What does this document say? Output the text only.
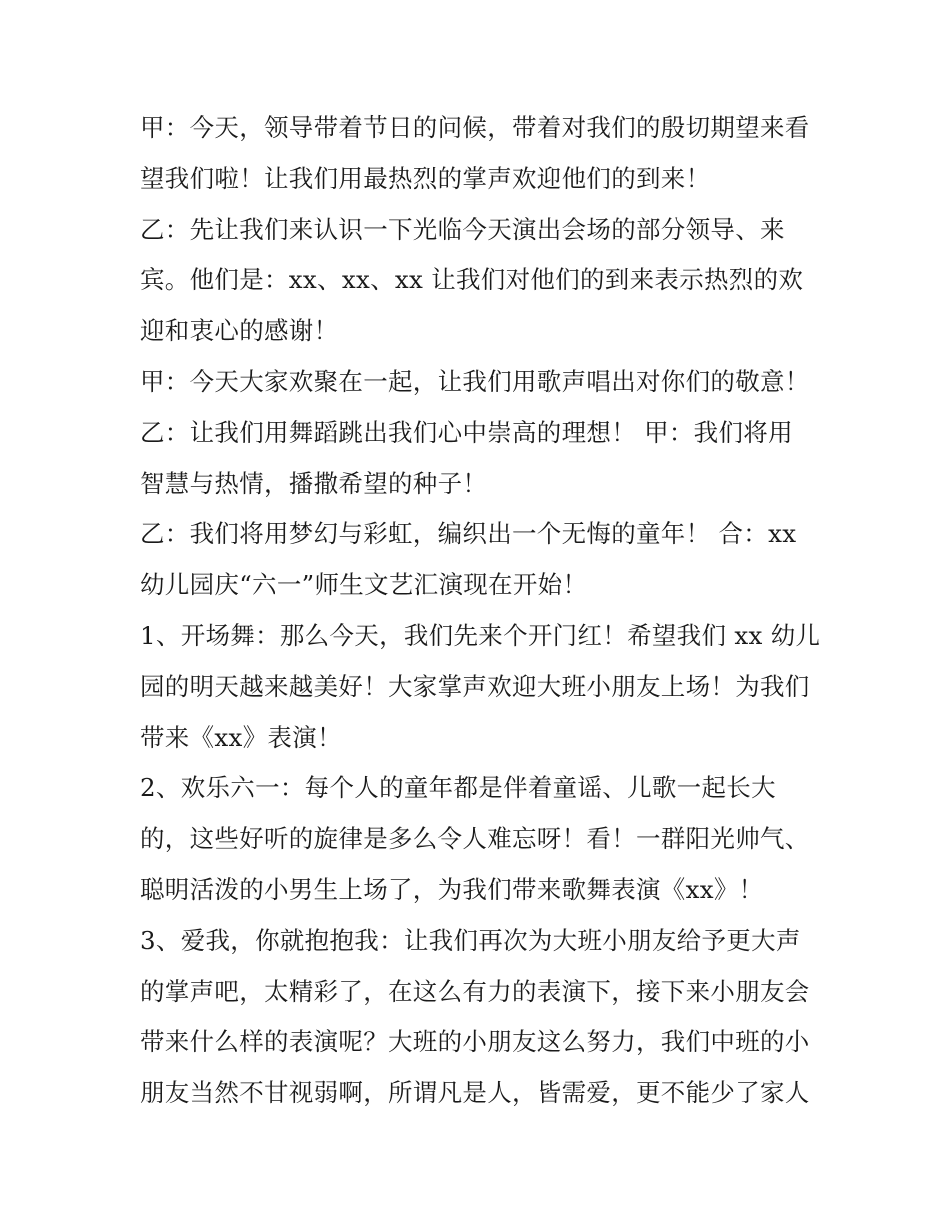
甲：今天，领导带着节日的问候，带着对我们的殷切期望来看
望我们啦！让我们用最热烈的掌声欢迎他们的到来！
乙：先让我们来认识一下光临今天演出会场的部分领导、来
宾。他们是：xx、xx、xx 让我们对他们的到来表示热烈的欢
迎和衷心的感谢！
甲：今天大家欢聚在一起，让我们用歌声唱出对你们的敬意！
乙：让我们用舞蹈跳出我们心中崇高的理想！ 甲：我们将用
智慧与热情，播撒希望的种子！
乙：我们将用梦幻与彩虹，编织出一个无悔的童年！ 合：xx
幼儿园庆“六一”师生文艺汇演现在开始！
1、开场舞：那么今天，我们先来个开门红！希望我们 xx 幼儿
园的明天越来越美好！大家掌声欢迎大班小朋友上场！为我们
带来《xx》表演！
2、欢乐六一：每个人的童年都是伴着童谣、儿歌一起长大
的，这些好听的旋律是多么令人难忘呀！看！一群阳光帅气、
聪明活泼的小男生上场了，为我们带来歌舞表演《xx》！
3、爱我，你就抱抱我：让我们再次为大班小朋友给予更大声
的掌声吧，太精彩了，在这么有力的表演下，接下来小朋友会
带来什么样的表演呢？大班的小朋友这么努力，我们中班的小
朋友当然不甘视弱啊，所谓凡是人，皆需爱，更不能少了家人
